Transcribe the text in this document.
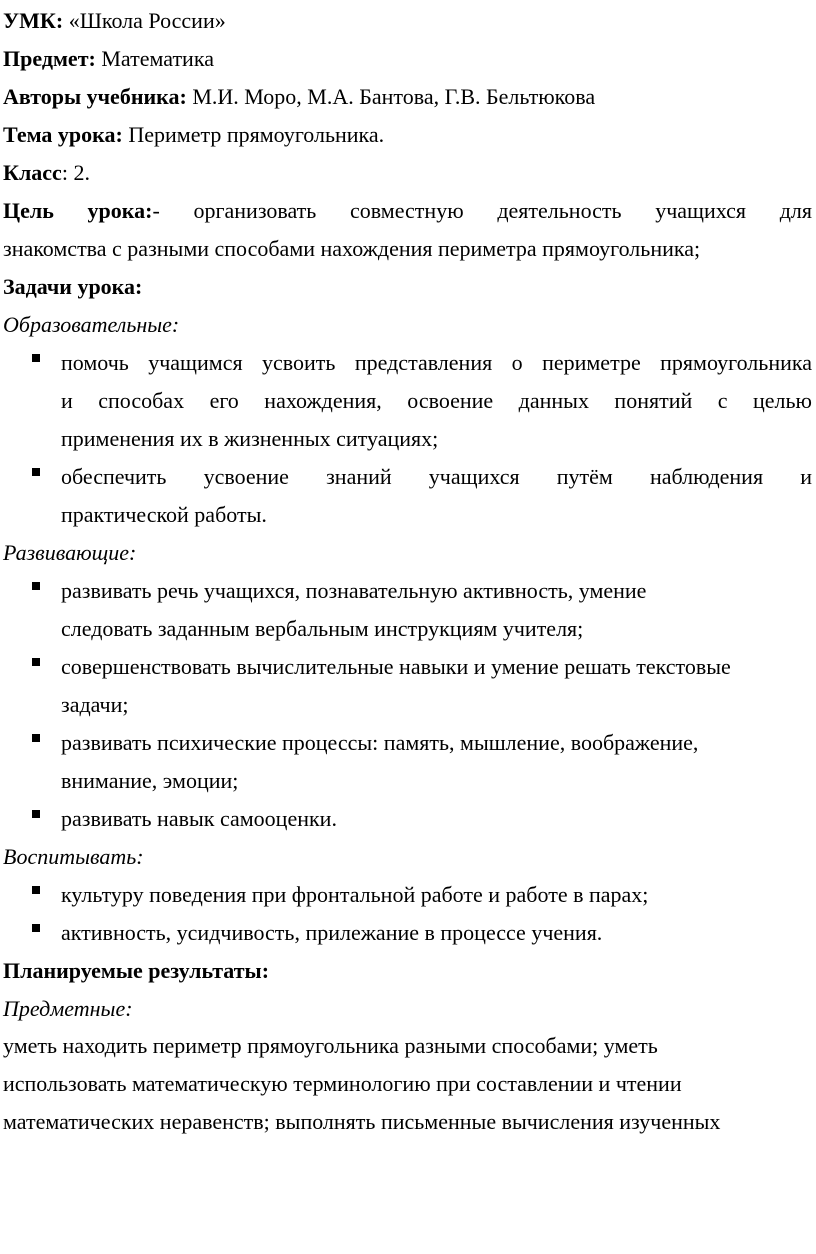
УМК: «Школа России»

Предмет: Математика

Авторы учебника: М.И. Моро, М.А. Бантова, Г.В. Бельтюкова

Тема урока: Периметр прямоугольника.

Класс: 2.

Цель урока:- организовать совместную деятельность учащихся для

знакомства с разными способами нахождения периметра прямоугольника;

Задачи урока:

Образовательные:

помочь учащимся усвоить представления о периметре прямоугольника
и способах его нахождения, освоение данных понятий с целью
применения их в жизненных ситуациях;
обеспечить усвоение знаний учащихся путём наблюдения и
практической работы.

Развивающие:

развивать речь учащихся, познавательную активность, умение
следовать заданным вербальным инструкциям учителя;
совершенствовать вычислительные навыки и умение решать текстовые
задачи;
развивать психические процессы: память, мышление, воображение,
внимание, эмоции;
развивать навык самооценки.

Воспитывать:

культуру поведения при фронтальной работе и работе в парах;
активность, усидчивость, прилежание в процессе учения.

Планируемые результаты:

Предметные:

уметь находить периметр прямоугольника разными способами; уметь

использовать математическую терминологию при составлении и чтении

математических неравенств; выполнять письменные вычисления изученных
